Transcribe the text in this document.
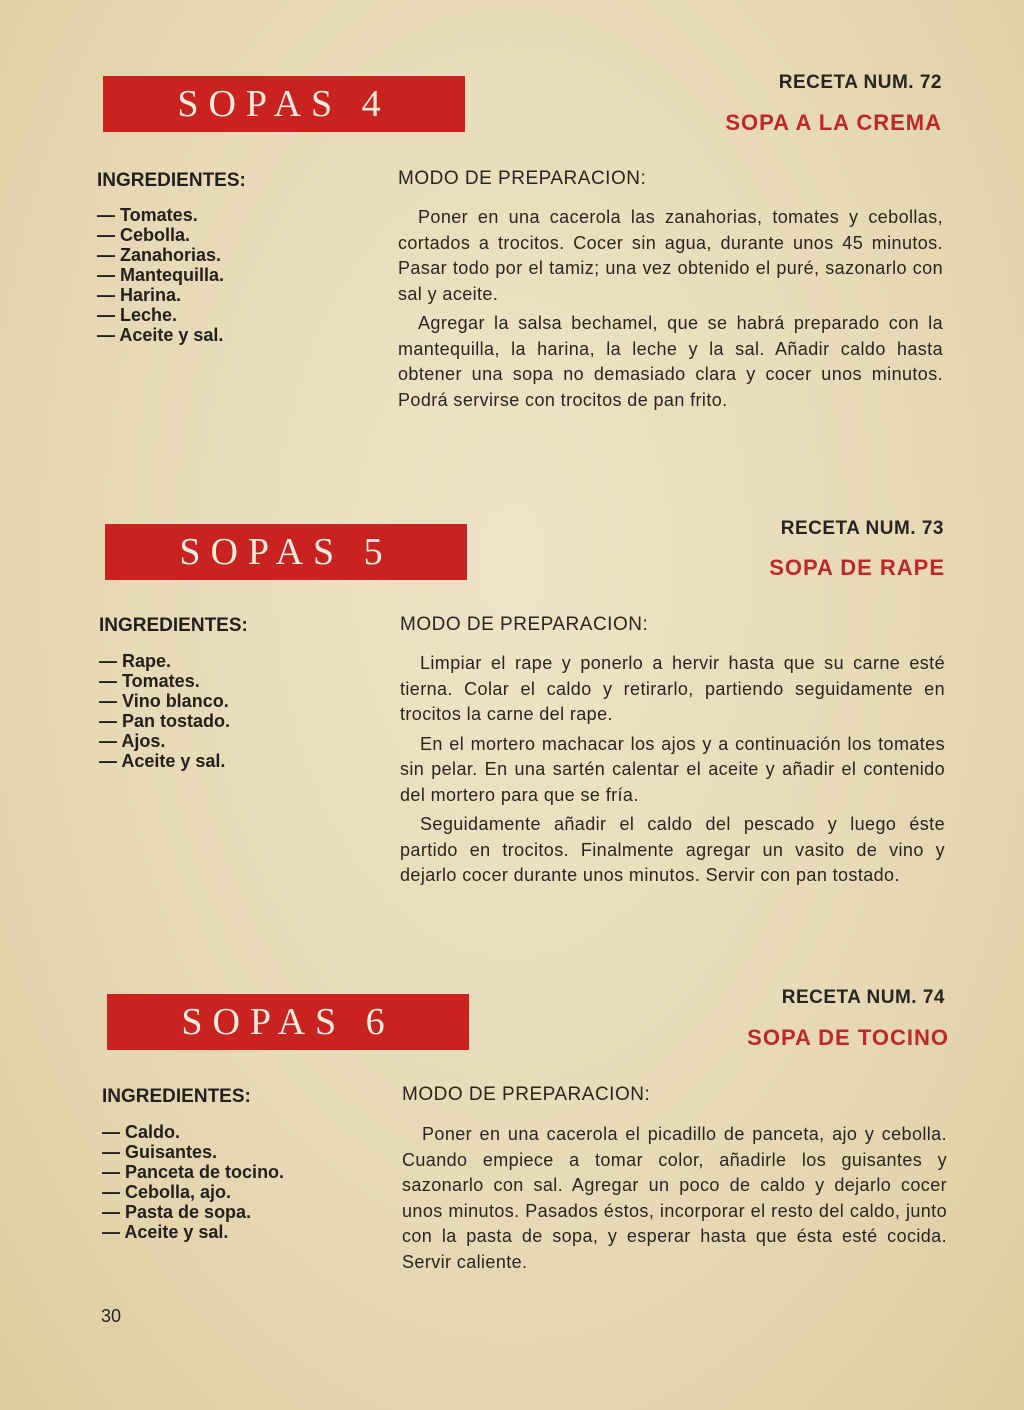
SOPAS 4
RECETA NUM. 72
SOPA A LA CREMA
INGREDIENTES:
— Tomates.
— Cebolla.
— Zanahorias.
— Mantequilla.
— Harina.
— Leche.
— Aceite y sal.
MODO DE PREPARACION:

Poner en una cacerola las zanahorias, tomates y cebollas, cortados a trocitos. Cocer sin agua, durante unos 45 minutos. Pasar todo por el tamiz; una vez obtenido el puré, sazonarlo con sal y aceite.

Agregar la salsa bechamel, que se habrá preparado con la mantequilla, la harina, la leche y la sal. Añadir caldo hasta obtener una sopa no demasiado clara y cocer unos minutos. Podrá servirse con trocitos de pan frito.

SOPAS 5
RECETA NUM. 73
SOPA DE RAPE
INGREDIENTES:
— Rape.
— Tomates.
— Vino blanco.
— Pan tostado.
— Ajos.
— Aceite y sal.
MODO DE PREPARACION:

Limpiar el rape y ponerlo a hervir hasta que su carne esté tierna. Colar el caldo y retirarlo, partiendo seguidamente en trocitos la carne del rape.

En el mortero machacar los ajos y a continuación los tomates sin pelar. En una sartén calentar el aceite y añadir el contenido del mortero para que se fría.

Seguidamente añadir el caldo del pescado y luego éste partido en trocitos. Finalmente agregar un vasito de vino y dejarlo cocer durante unos minutos. Servir con pan tostado.

SOPAS 6
RECETA NUM. 74
SOPA DE TOCINO
INGREDIENTES:
— Caldo.
— Guisantes.
— Panceta de tocino.
— Cebolla, ajo.
— Pasta de sopa.
— Aceite y sal.
MODO DE PREPARACION:

Poner en una cacerola el picadillo de panceta, ajo y cebolla. Cuando empiece a tomar color, añadirle los guisantes y sazonarlo con sal. Agregar un poco de caldo y dejarlo cocer unos minutos. Pasados éstos, incorporar el resto del caldo, junto con la pasta de sopa, y esperar hasta que ésta esté cocida. Servir caliente.

30
